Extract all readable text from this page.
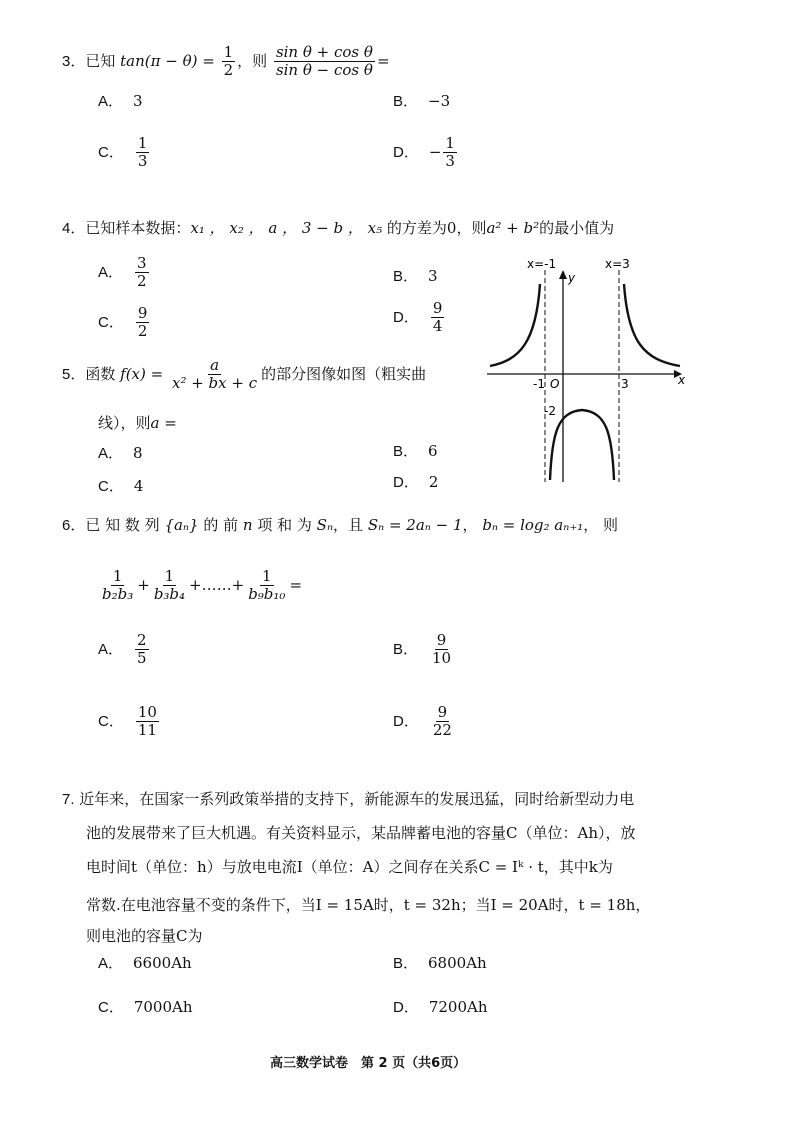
3．已知 $\tan(\pi - \theta) = \frac{1}{2}$ ，则 $\frac{\text{sin θ + cos θ}}{\text{sin θ − cos θ}}$ =
A． 3	B． −3
C． $\frac{1}{3}$	D． − $\frac{1}{3}$
4．已知样本数据：x₁ ， x₂ ， a ， 3 − b ， x₅ 的方差为0，则a² + b²的最小值为
A． $\frac{3}{2}$	B． 3
C． $\frac{9}{2}$	D． $\frac{9}{4}$
5．函数 $f(x) = \frac{a}{\text{x² + bx + c}}$ 的部分图像如图（粗实曲
线），则a =
A． 8	B． 6
C． 4	D． 2
x=-1	x=3
y
x
-1 O	3
-2
6．已 知 数 列 {aₙ} 的 前 n 项 和 为 Sₙ，且 Sₙ = 2aₙ − 1， bₙ = log₂ aₙ₊₁， 则
$\frac{1}{\text{b₂b₃}} + \frac{1}{\text{b₃b₄}}$ +……+ $\frac{1}{\text{b₉b₁₀}}$ =
A． $\frac{2}{5}$	B． $\frac{9}{10}$
C． $\frac{10}{11}$	D． $\frac{9}{22}$
7. 近年来，在国家一系列政策举措的支持下，新能源车的发展迅猛，同时给新型动力电
池的发展带来了巨大机遇。有关资料显示，某品牌蓄电池的容量C（单位：Ah），放
电时间t（单位：h）与放电电流I（单位：A）之间存在关系C = Iᵏ · t，其中k为
常数.在电池容量不变的条件下，当I = 15A时，t = 32h；当I = 20A时，t = 18h，
则电池的容量C为
A． 6600Ah	B． 6800Ah
C． 7000Ah	D． 7200Ah
高三数学试卷　第 2 页（共6页）
